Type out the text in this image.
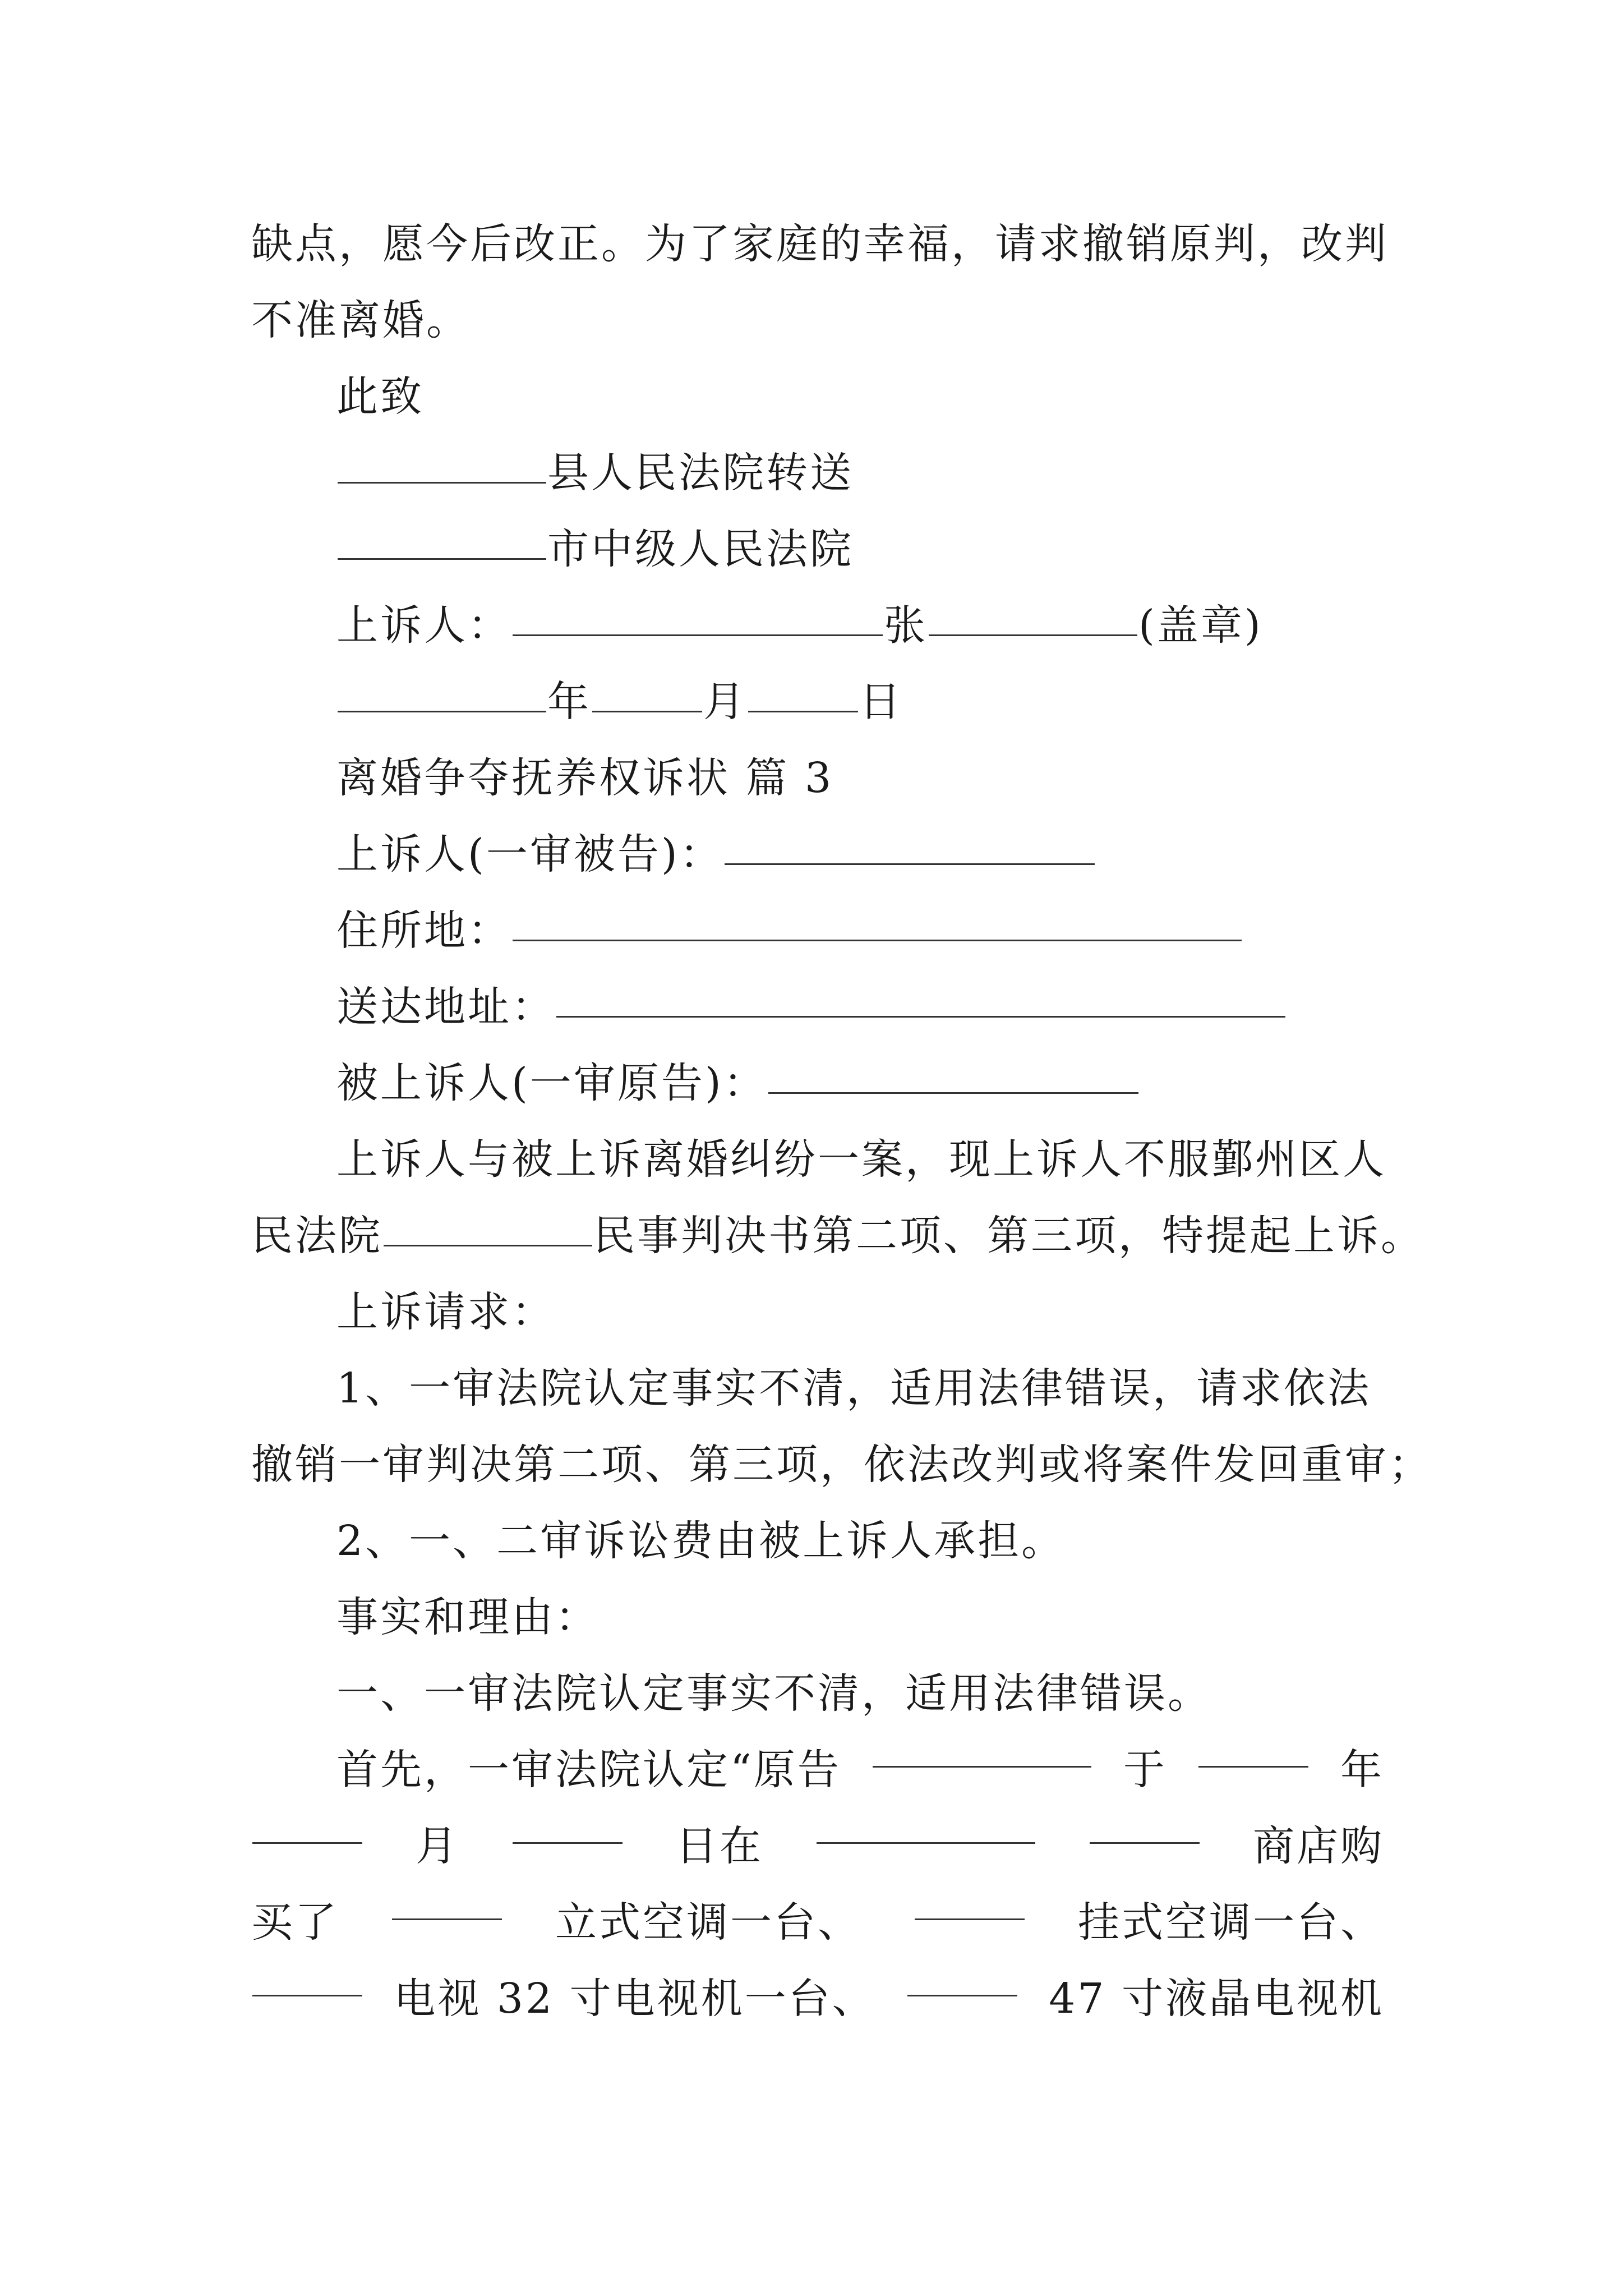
缺点，愿今后改正。为了家庭的幸福，请求撤销原判，改判
不准离婚。
此致
县人民法院转送
市中级人民法院
上诉人：	张	(盖章)
年	月	日
离婚争夺抚养权诉状 篇 3
上诉人(一审被告)：
住所地：
送达地址：
被上诉人(一审原告)：
上诉人与被上诉离婚纠纷一案，现上诉人不服鄞州区人
民法院	民事判决书第二项、第三项，特提起上诉。
上诉请求：
1、一审法院认定事实不清，适用法律错误，请求依法
撤销一审判决第二项、第三项，依法改判或将案件发回重审；
2、一、二审诉讼费由被上诉人承担。
事实和理由：
一、一审法院认定事实不清，适用法律错误。
首先，一审法院认定“原告	于	年
月	日在	商店购
买了	立式空调一台、	挂式空调一台、
电视 32 寸电视机一台、	47 寸液晶电视机
